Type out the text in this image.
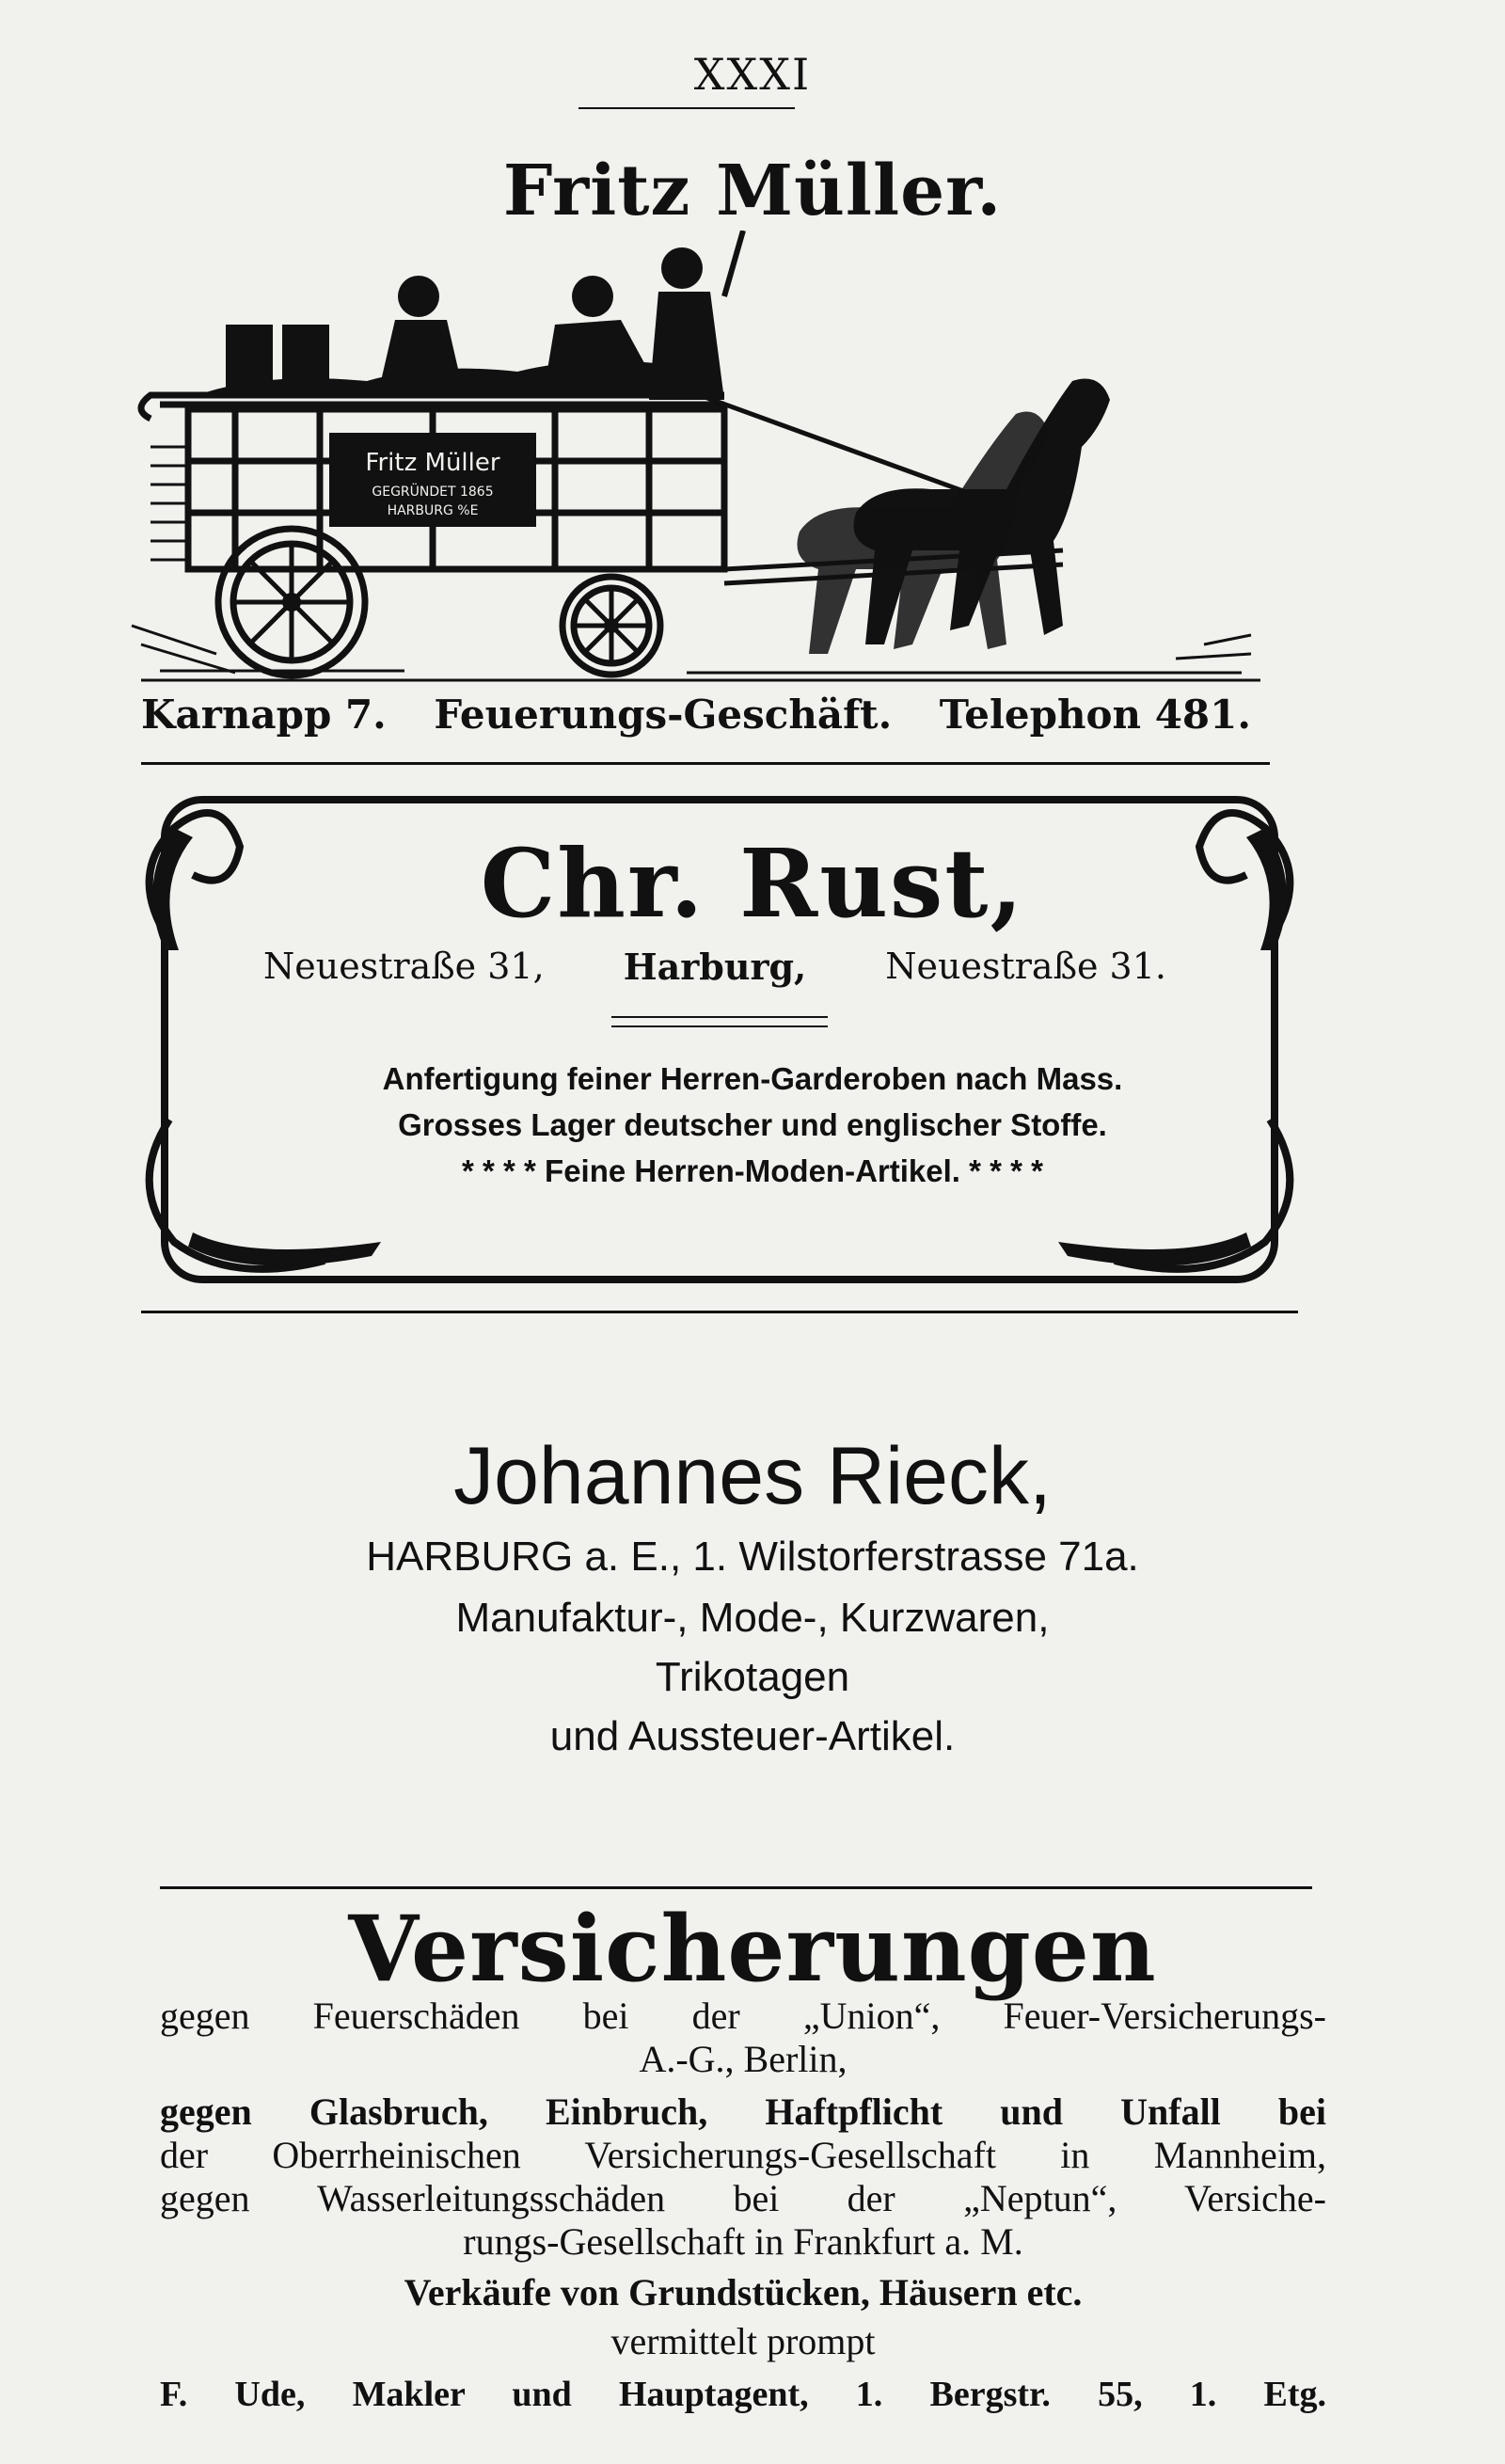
XXXI
Fritz Müller.
Fritz Müller
GEGRÜNDET 1865
HARBURG %E
Karnapp 7. Feuerungs-Geschäft. Telephon 481.
Chr. Rust,
Neuestraße 31, Harburg, Neuestraße 31.
Anfertigung feiner Herren-Garderoben nach Mass.
Grosses Lager deutscher und englischer Stoffe.
* * * * Feine Herren-Moden-Artikel. * * * *
Johannes Rieck,
HARBURG a. E., 1. Wilstorferstrasse 71a.
Manufaktur-, Mode-, Kurzwaren,
Trikotagen
und Aussteuer-Artikel.
Versicherungen
gegen Feuerschäden bei der „Union“, Feuer-Versicherungs-
A.-G., Berlin,
gegen Glasbruch, Einbruch, Haftpflicht und Unfall bei
der Oberrheinischen Versicherungs-Gesellschaft in Mannheim,
gegen Wasserleitungsschäden bei der „Neptun“, Versiche-
rungs-Gesellschaft in Frankfurt a. M.
Verkäufe von Grundstücken, Häusern etc.
vermittelt prompt
F. Ude, Makler und Hauptagent, 1. Bergstr. 55, 1. Etg.
